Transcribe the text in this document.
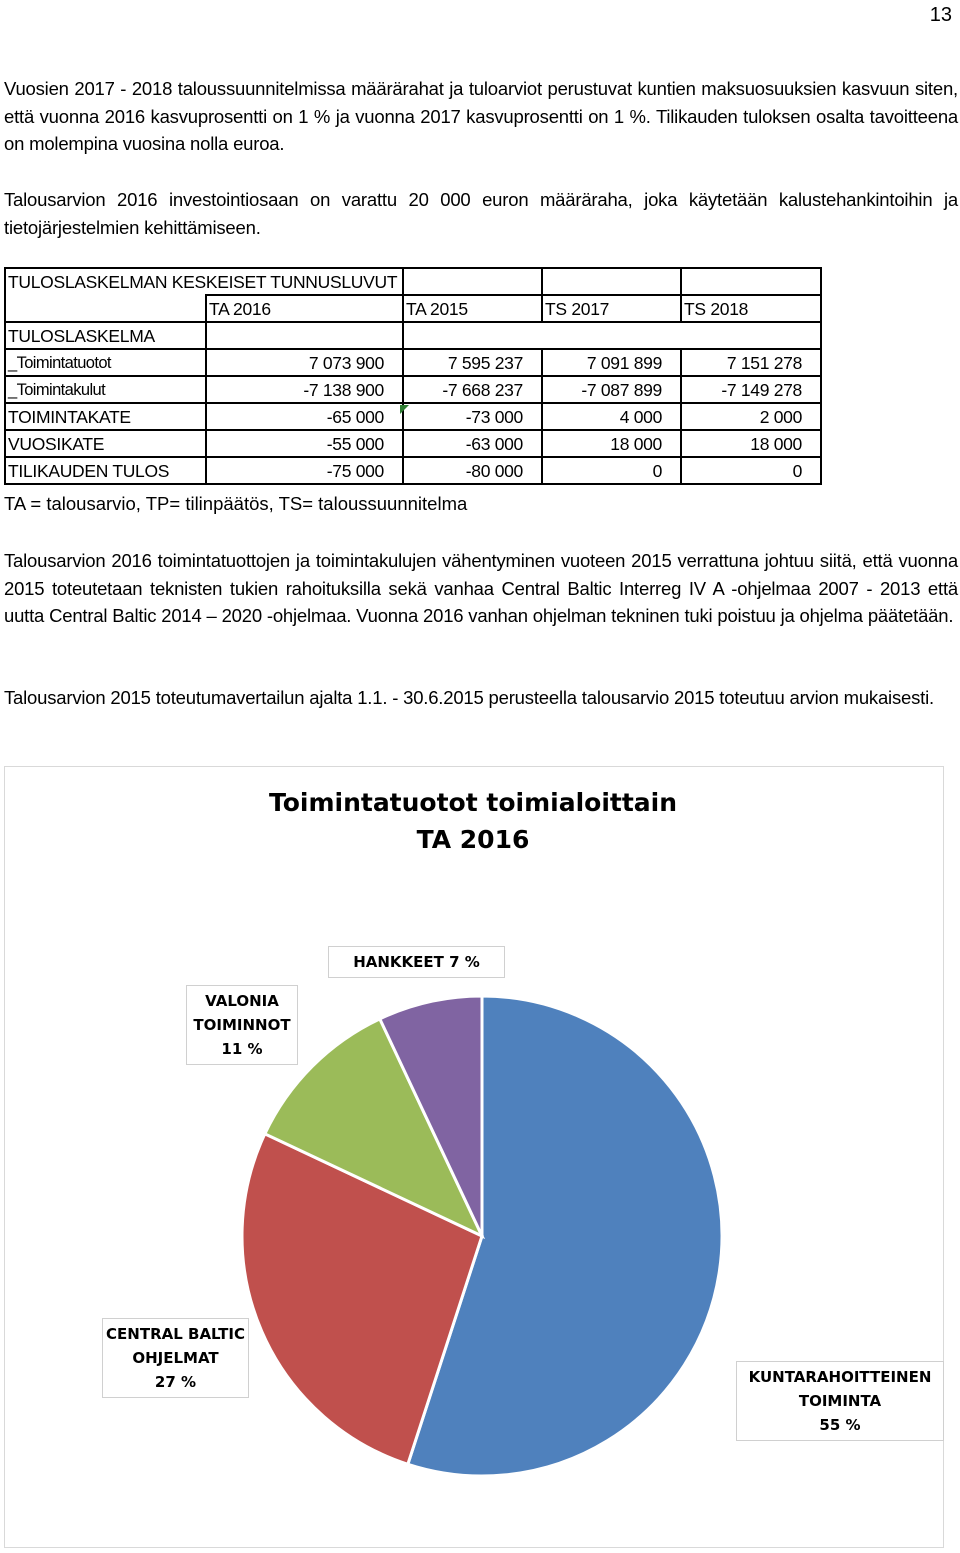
13

Vuosien 2017 - 2018 taloussuunnitelmissa määrärahat ja tuloarviot perustuvat kuntien maksuosuuksien kasvuun siten, että vuonna 2016 kasvuprosentti on 1 % ja vuonna 2017 kasvuprosentti on 1 %. Tilikauden tuloksen osalta tavoitteena on molempina vuosina nolla euroa.

Talousarvion 2016 investointiosaan on varattu 20 000 euron määräraha, joka käytetään kalustehankintoihin ja tietojärjestelmien kehittämiseen.

TULOSLASKELMAN KESKEISET TUNNUSLUVUT				
	TA 2016	TA 2015	TS 2017	TS 2018
TULOSLASKELMA				
_Toimintatuotot	7 073 900	7 595 237	7 091 899	7 151 278
_Toimintakulut	-7 138 900	-7 668 237	-7 087 899	-7 149 278
TOIMINTAKATE	-65 000	-73 000	4 000	2 000
VUOSIKATE	-55 000	-63 000	18 000	18 000
TILIKAUDEN TULOS	-75 000	-80 000	0	0

TA = talousarvio, TP= tilinpäätös, TS= taloussuunnitelma

Talousarvion 2016 toimintatuottojen ja toimintakulujen vähentyminen vuoteen 2015 verrattuna johtuu siitä, että vuonna 2015 toteutetaan teknisten tukien rahoituksilla sekä vanhaa Central Baltic Interreg IV A -ohjelmaa 2007 - 2013 että uutta Central Baltic 2014 – 2020 -ohjelmaa. Vuonna 2016 vanhan ohjelman tekninen tuki poistuu ja ohjelma päätetään.

Talousarvion 2015 toteutumavertailun ajalta 1.1. - 30.6.2015 perusteella talousarvio 2015 toteutuu arvion mukaisesti.

Toimintatuotot toimialoittain
TA 2016
KUNTARAHOITTEINEN
TOIMINTA
55 %
CENTRAL BALTIC
OHJELMAT
27 %
VALONIA
TOIMINNOT
11 %
HANKKEET 7 %
